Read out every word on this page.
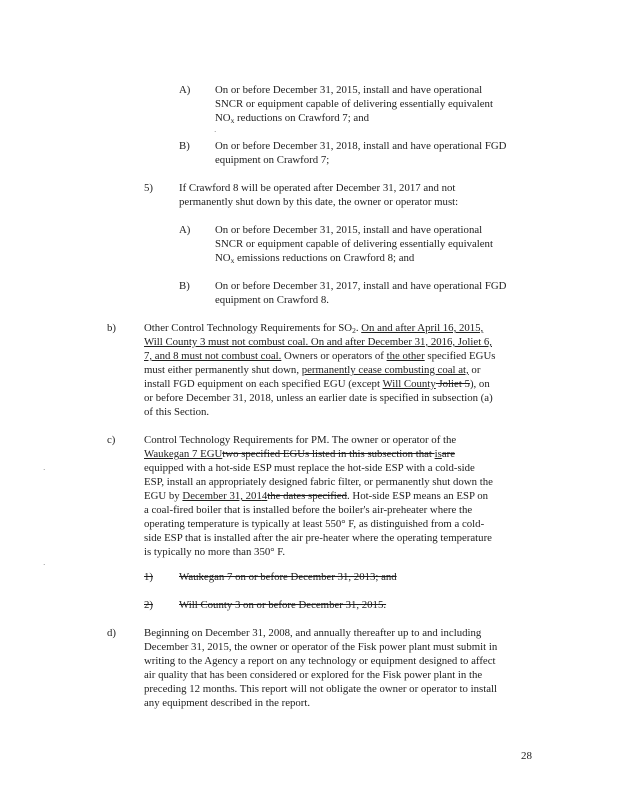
A) On or before December 31, 2015, install and have operational
SNCR or equipment capable of delivering essentially equivalent
$NO_x$ reductions on Crawford 7; and
B) On or before December 31, 2018, install and have operational FGD
equipment on Crawford 7;
5) If Crawford 8 will be operated after December 31, 2017 and not
permanently shut down by this date, the owner or operator must:
A) On or before December 31, 2015, install and have operational
SNCR or equipment capable of delivering essentially equivalent
$NO_x$ emissions reductions on Crawford 8; and
B) On or before December 31, 2017, install and have operational FGD
equipment on Crawford 8.
b)	Other Control Technology Requirements for $SO_2$. On and after April 16, 2015,
Will County 3 must not combust coal. On and after December 31, 2016, Joliet 6,
7, and 8 must not combust coal. Owners or operators of the other specified EGUs
must either permanently shut down, permanently cease combusting coal at, or
install FGD equipment on each specified EGU (except Will County Joliet 5), on
or before December 31, 2018, unless an earlier date is specified in subsection (a)
of this Section.
c)	Control Technology Requirements for PM. The owner or operator of the
Waukegan 7 EGUtwo specified EGUs listed in this subsection that isare
equipped with a hot-side ESP must replace the hot-side ESP with a cold-side
ESP, install an appropriately designed fabric filter, or permanently shut down the
EGU by December 31, 2014the dates specified. Hot-side ESP means an ESP on
a coal-fired boiler that is installed before the boiler's air-preheater where the
operating temperature is typically at least 550° F, as distinguished from a cold-
side ESP that is installed after the air pre-heater where the operating temperature
is typically no more than 350° F.
1) Waukegan 7 on or before December 31, 2013; and
2) Will County 3 on or before December 31, 2015.
d)	Beginning on December 31, 2008, and annually thereafter up to and including
December 31, 2015, the owner or operator of the Fisk power plant must submit in
writing to the Agency a report on any technology or equipment designed to affect
air quality that has been considered or explored for the Fisk power plant in the
preceding 12 months. This report will not obligate the owner or operator to install
any equipment described in the report.
28
·
·
·
